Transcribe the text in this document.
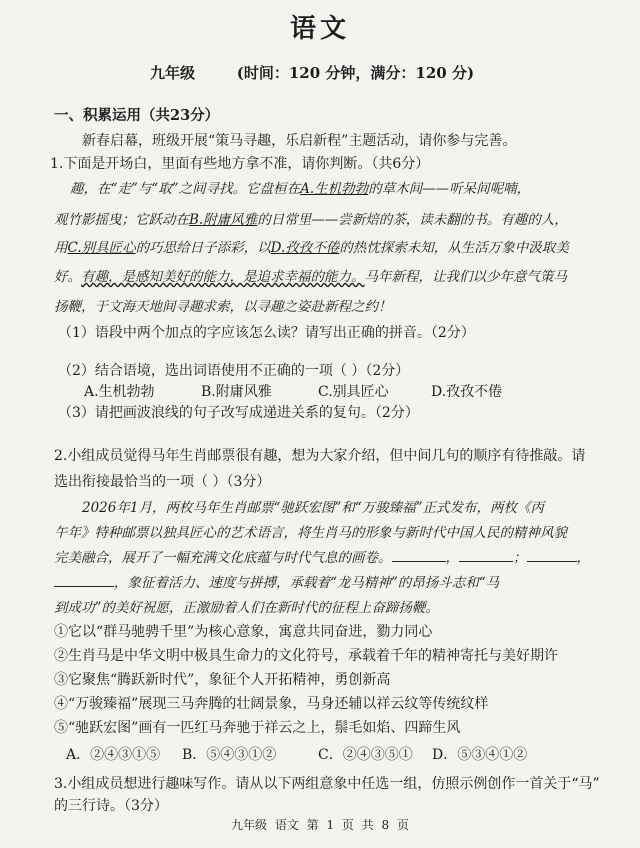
语文
九年级        (时间：120 分钟，满分：120 分)
一、积累运用（共23分）
新春启幕，班级开展“策马寻趣，乐启新程”主题活动，请你参与完善。
1.下面是开场白，里面有些地方拿不准，请你判断。（共6分）
趣，在“走”与“取”之间寻找。它盘桓在A.生机勃勃的草木间——听呆间呢喃，
观竹影摇曳；它跃动在B.附庸风雅的日常里——尝新焙的茶，读未翻的书。有趣的人，
用C.别具匠心的巧思给日子添彩，以D.孜孜不倦的热忱探索未知，从生活万象中汲取美
好。有趣，是感知美好的能力，是追求幸福的能力。马年新程，让我们以少年意气策马
扬鞭，于文海天地间寻趣求索，以寻趣之姿赴新程之约！
（1）语段中两个加点的字应该怎么读？请写出正确的拼音。（2分）
（2）结合语境，选出词语使用不正确的一项（ ）（2分）
A.生机勃勃	B.附庸风雅	C.别具匠心	D.孜孜不倦
（3）请把画波浪线的句子改写成递进关系的复句。（2分）
2.小组成员觉得马年生肖邮票很有趣，想为大家介绍，但中间几句的顺序有待推敲。请
选出衔接最恰当的一项（ ）（3分）
2026年1月，两枚马年生肖邮票“驰跃宏图”和“万骏臻福”正式发布，两枚《丙
午年》特种邮票以独具匠心的艺术语言，将生肖马的形象与新时代中国人民的精神风貌
完美融合，展开了一幅充满文化底蕴与时代气息的画卷。	，	；	，
，象征着活力、速度与拼搏，承载着“龙马精神”的昂扬斗志和“马
到成功”的美好祝愿，正激励着人们在新时代的征程上奋蹄扬鞭。
①它以“群马驰骋千里”为核心意象，寓意共同奋进，勠力同心
②生肖马是中华文明中极具生命力的文化符号，承载着千年的精神寄托与美好期许
③它聚焦“腾跃新时代”，象征个人开拓精神，勇创新高
④“万骏臻福”展现三马奔腾的壮阔景象，马身还辅以祥云纹等传统纹样
⑤“驰跃宏图”画有一匹红马奔驰于祥云之上，鬃毛如焰、四蹄生风
A．②④③①⑤ B．⑤④③①②	C．②④③⑤① D．⑤③④①②
3.小组成员想进行趣味写作。请从以下两组意象中任选一组，仿照示例创作一首关于“马”
的三行诗。（3分）
九年级 语文 第 1 页 共 8 页
